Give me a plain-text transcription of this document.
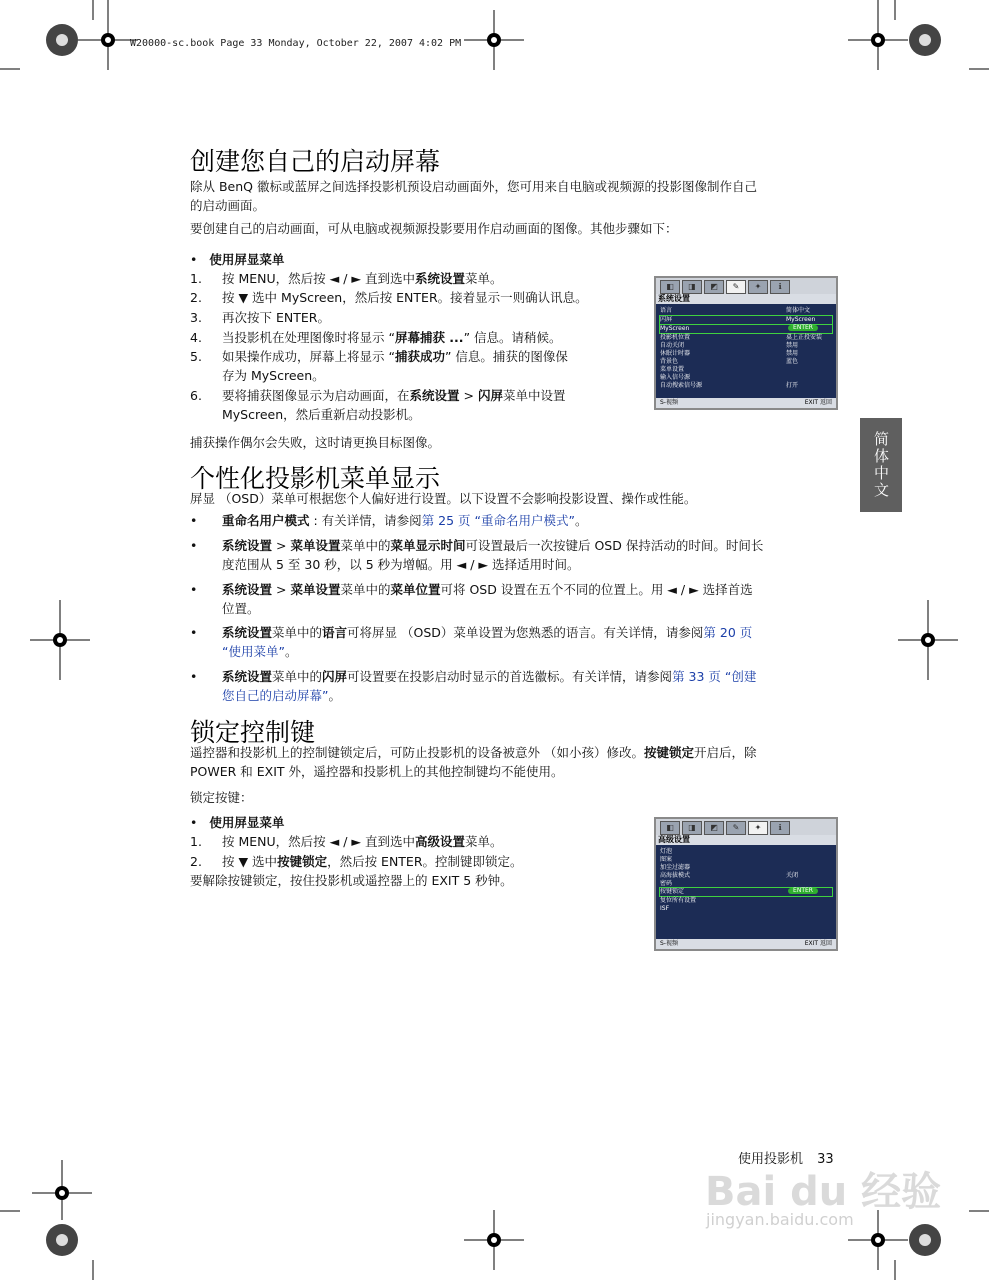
W20000-sc.book Page 33 Monday, October 22, 2007 4:02 PM
简体中文
创建您自己的启动屏幕
除从 BenQ 徽标或蓝屏之间选择投影机预设启动画面外，您可用来自电脑或视频源的投影图像制作自己
的启动画面。
要创建自己的启动画面，可从电脑或视频源投影要用作启动画面的图像。其他步骤如下：
• 使用屏显菜单
1.	按 MENU，然后按 ◄ / ► 直到选中系统设置菜单。
2.	按 ▼ 选中 MyScreen，然后按 ENTER。接着显示一则确认讯息。
3.	再次按下 ENTER。
4.	当投影机在处理图像时将显示 “屏幕捕获 ...” 信息。请稍候。
5.	如果操作成功，屏幕上将显示 “捕获成功” 信息。捕获的图像保
存为 MyScreen。
6.	要将捕获图像显示为启动画面，在系统设置 > 闪屏菜单中设置
MyScreen，然后重新启动投影机。
捕获操作偶尔会失败，这时请更换目标图像。
◧	◨	◩	✎	✦	ℹ
系统设置
语言	简体中文
闪屏	MyScreen
MyScreen	ENTER
投影机位置	桌上正投安装
自动关闭	禁用
休眠计时器	禁用
背景色	蓝色
菜单设置
输入信号源
自动搜索信号源	打开
S-视频	EXIT 返回
个性化投影机菜单显示
屏显 （OSD）菜单可根据您个人偏好进行设置。以下设置不会影响投影设置、操作或性能。
• 重命名用户模式 : 有关详情，请参阅第 25 页 “重命名用户模式”。
• 系统设置 > 菜单设置菜单中的菜单显示时间可设置最后一次按键后 OSD 保持活动的时间。时间长
度范围从 5 至 30 秒，以 5 秒为增幅。用 ◄ / ► 选择适用时间。
• 系统设置 > 菜单设置菜单中的菜单位置可将 OSD 设置在五个不同的位置上。用 ◄ / ► 选择首选
位置。
• 系统设置菜单中的语言可将屏显 （OSD）菜单设置为您熟悉的语言。有关详情，请参阅第 20 页
“使用菜单”。
• 系统设置菜单中的闪屏可设置要在投影启动时显示的首选徽标。有关详情，请参阅第 33 页 “创建
您自己的启动屏幕”。
锁定控制键
遥控器和投影机上的控制键锁定后，可防止投影机的设备被意外 （如小孩）修改。按键锁定开启后，除
POWER 和 EXIT 外，遥控器和投影机上的其他控制键均不能使用。
锁定按键：
• 使用屏显菜单
1.	按 MENU，然后按 ◄ / ► 直到选中高级设置菜单。
2.	按 ▼ 选中按键锁定，然后按 ENTER。控制键即锁定。
要解除按键锁定，按住投影机或遥控器上的 EXIT 5 秒钟。
◧	◨	◩	✎	✦	ℹ
高级设置
灯泡
图案
加尘过滤器
高海拔模式	关闭
密码
按键锁定	ENTER
复位所有设置
ISF
S-视频	EXIT 返回
使用投影机 33
Bai du 经验
jingyan.baidu.com
